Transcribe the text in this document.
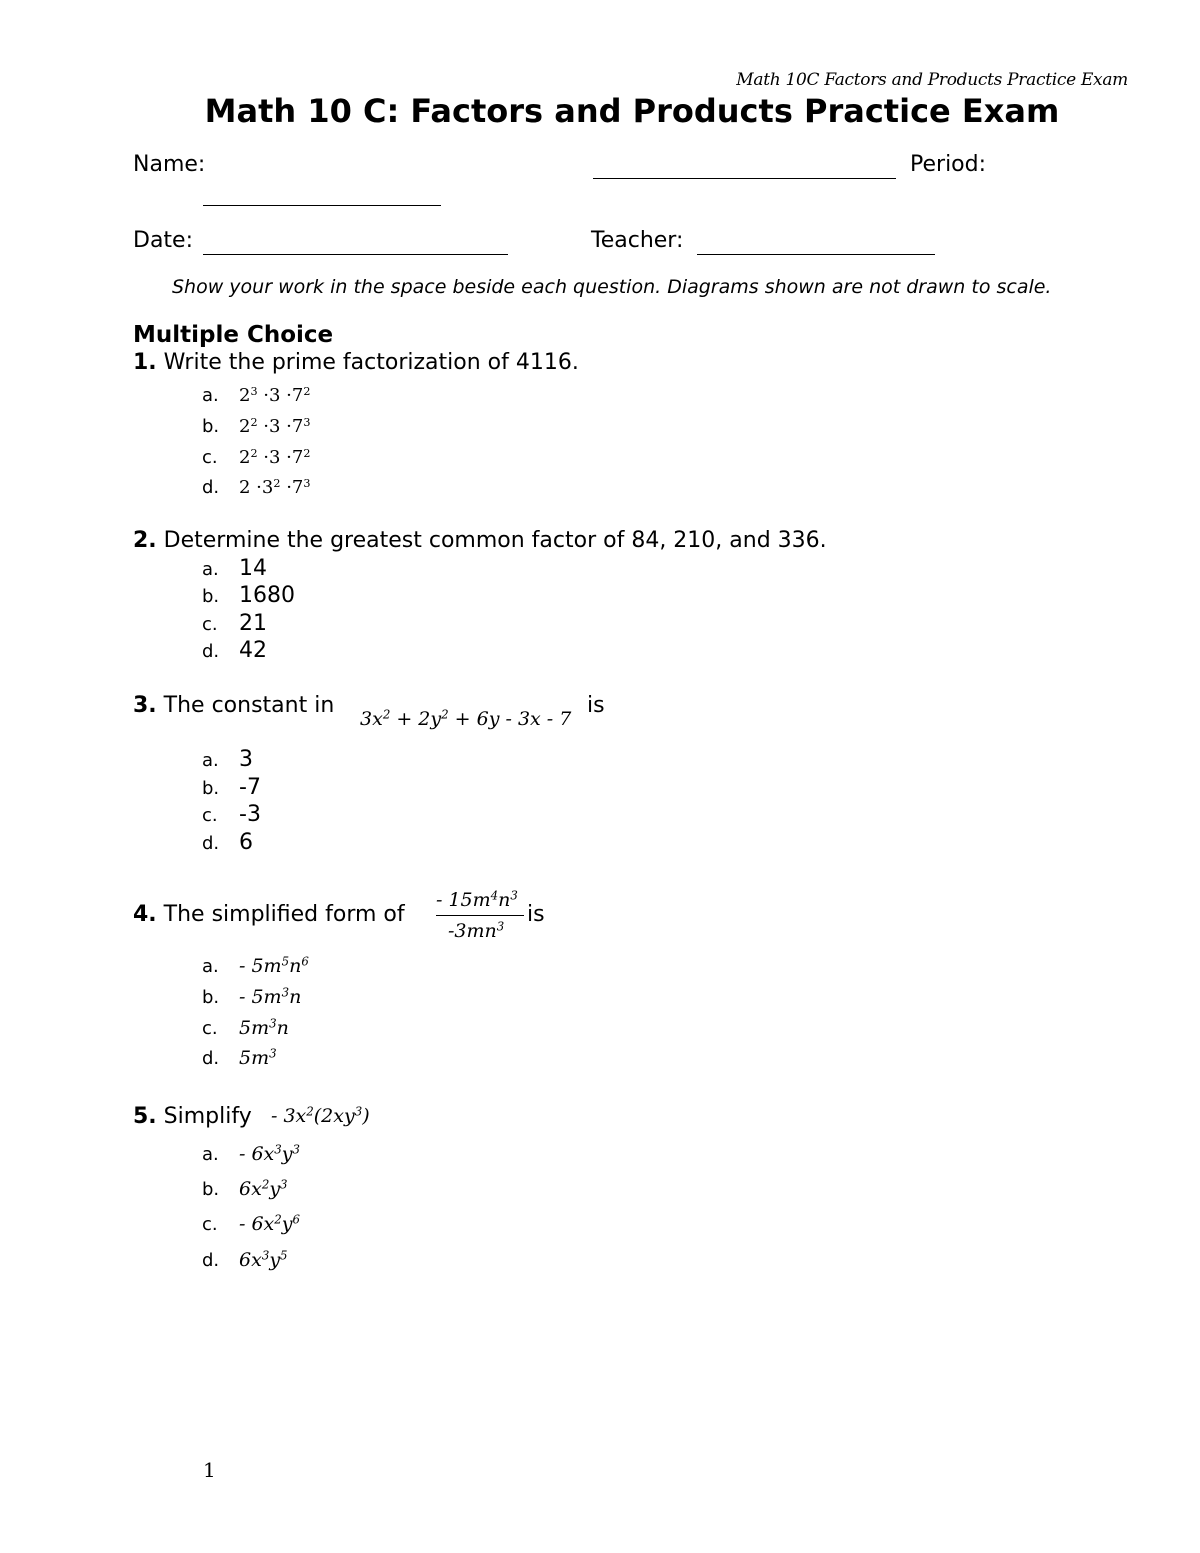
Math 10C Factors and Products Practice Exam
Math 10 C: Factors and Products Practice Exam
Name:	Period:
Date:	Teacher:
Show your work in the space beside each question. Diagrams shown are not drawn to scale.
Multiple Choice
1. Write the prime factorization of 4116.
a. $2^3 \cdot 3 \cdot 7^2$
b. $2^2 \cdot 3 \cdot 7^3$
c. $2^2 \cdot 3 \cdot 7^2$
d. $2 \cdot 3^2 \cdot 7^3$
2. Determine the greatest common factor of 84, 210, and 336.
a. 14
b. 1680
c. 21
d. 42
3. The constant in
$3x^2 + 2y^2 + 6y - 3x - 7$
is
a. 3
b. -7
c. -3
d. 6
4. The simplified form of
- $15m^4n^3$
$-3mn^3$ is
a. - $5m^5n^6$
b. - $5m^3n$
c. $5m^3n$
d. $5m^3$
5. Simplify - $3x^2(2xy^3)$
a. - $6x^3y^3$
b. $6x^2y^3$
c. - $6x^2y^6$
d. $6x^3y^5$
1
